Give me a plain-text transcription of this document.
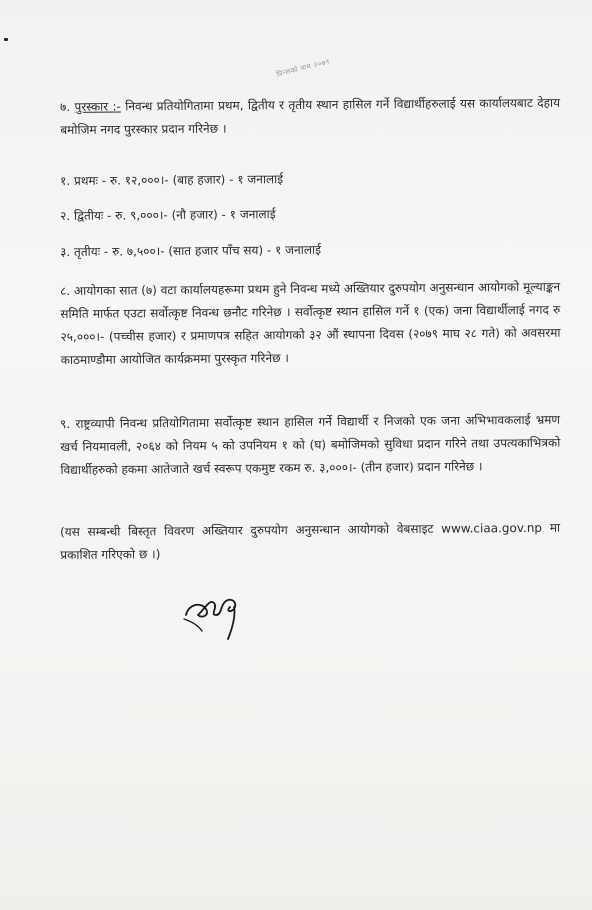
प्रिन्सको नाम २०७९

७. पुरस्कार :- निवन्ध प्रतियोगितामा प्रथम, द्वितीय र तृतीय स्थान हासिल गर्ने विद्यार्थीहरुलाई यस कार्यालयबाट देहाय बमोजिम नगद पुरस्कार प्रदान गरिनेछ ।

१. प्रथमः - रु. १२,०००।- (बाह हजार) - १ जनालाई

२. द्वितीयः - रु. ९,०००।- (नौ हजार) - १ जनालाई

३. तृतीयः - रु. ७,५००।- (सात हजार पाँच सय) - १ जनालाई

८. आयोगका सात (७) वटा कार्यालयहरूमा प्रथम हुने निवन्ध मध्ये अख्तियार दुरुपयोग अनुसन्धान आयोगको मूल्याङ्कन समिति मार्फत एउटा सर्वोत्कृष्ट निवन्ध छनौट गरिनेछ । सर्वोत्कृष्ट स्थान हासिल गर्ने १ (एक) जना विद्यार्थीलाई नगद रु २५,०००।- (पच्चीस हजार) र प्रमाणपत्र सहित आयोगको ३२ औं स्थापना दिवस (२०७९ माघ २८ गते) को अवसरमा काठमाण्डौमा आयोजित कार्यक्रममा पुरस्कृत गरिनेछ ।

९. राष्ट्रव्यापी निवन्ध प्रतियोगितामा सर्वोत्कृष्ट स्थान हासिल गर्ने विद्यार्थी र निजको एक जना अभिभावकलाई भ्रमण खर्च नियमावली, २०६४ को नियम ५ को उपनियम १ को (घ) बमोजिमको सुविधा प्रदान गरिने तथा उपत्यकाभित्रको विद्यार्थीहरुको हकमा आतेजाते खर्च स्वरूप एकमुष्ट रकम रु. ३,०००।- (तीन हजार) प्रदान गरिनेछ ।

(यस सम्बन्धी बिस्तृत विवरण अख्तियार दुरुपयोग अनुसन्धान आयोगको वेबसाइट www.ciaa.gov.np मा प्रकाशित गरिएको छ ।)
